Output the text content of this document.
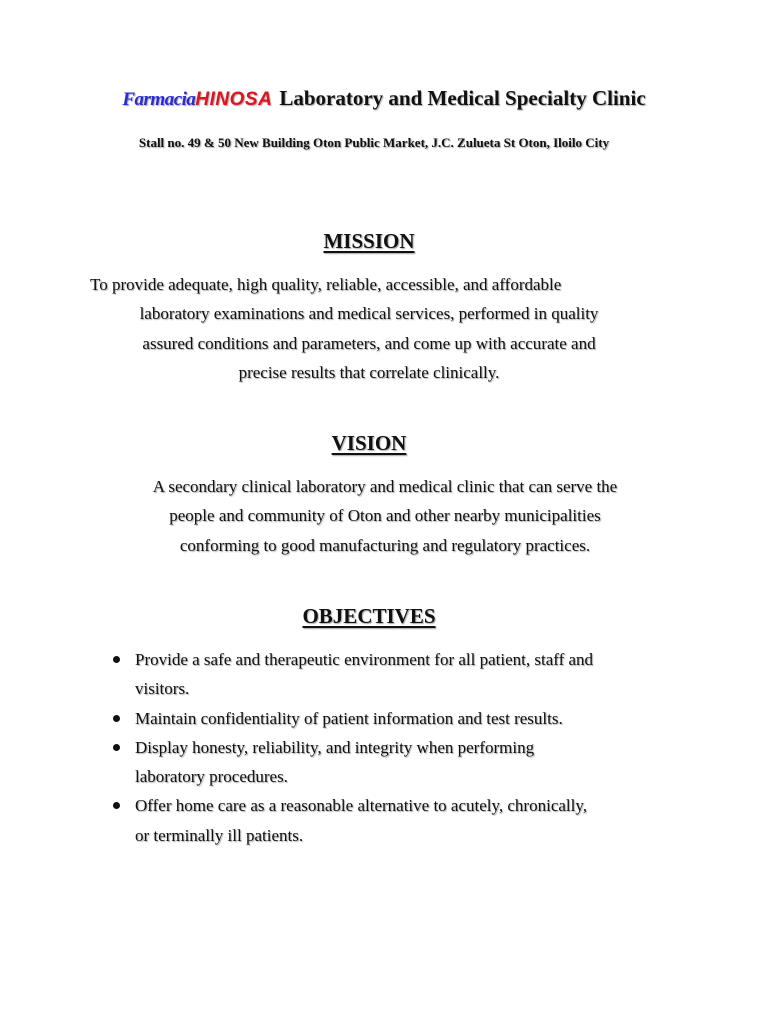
FarmaciaHINOSA Laboratory and Medical Specialty Clinic
Stall no. 49 & 50 New Building Oton Public Market, J.C. Zulueta St Oton, Iloilo City
MISSION
To provide adequate, high quality, reliable, accessible, and affordable
laboratory examinations and medical services, performed in quality
assured conditions and parameters, and come up with accurate and
precise results that correlate clinically.
VISION
A secondary clinical laboratory and medical clinic that can serve the
people and community of Oton and other nearby municipalities
conforming to good manufacturing and regulatory practices.
OBJECTIVES
Provide a safe and therapeutic environment for all patient, staff and
visitors.
Maintain confidentiality of patient information and test results.
Display honesty, reliability, and integrity when performing
laboratory procedures.
Offer home care as a reasonable alternative to acutely, chronically,
or terminally ill patients.
